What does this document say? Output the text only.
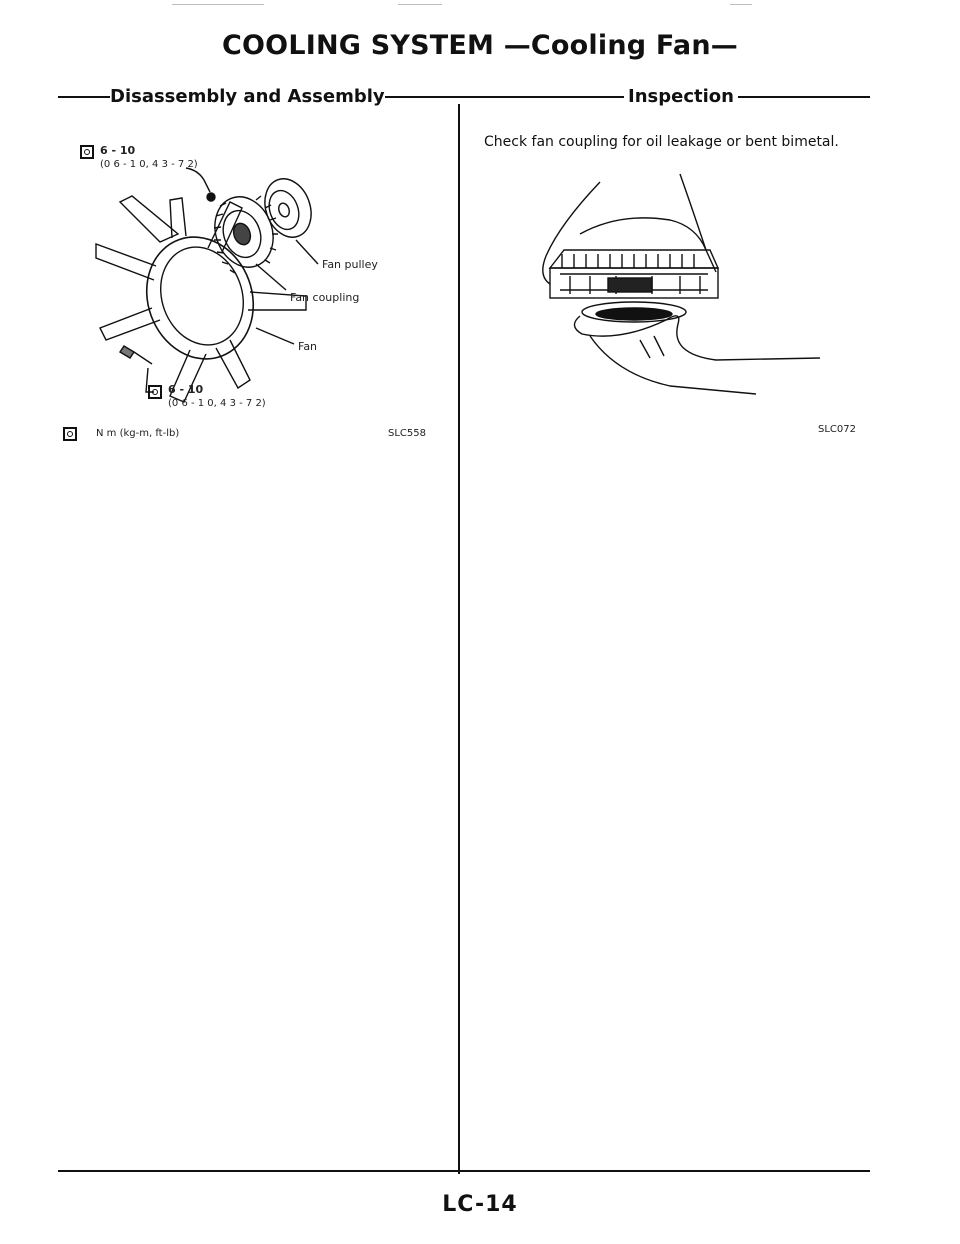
COOLING SYSTEM —Cooling Fan—
Disassembly and Assembly	Inspection
6 - 10
(0 6 - 1 0, 4 3 - 7 2)
Fan pulley
Fan coupling
Fan
6 - 10
(0 6 - 1 0, 4 3 - 7 2)
N m (kg-m, ft-lb)	SLC558
Check fan coupling for oil leakage or bent bimetal.
SLC072
LC-14
